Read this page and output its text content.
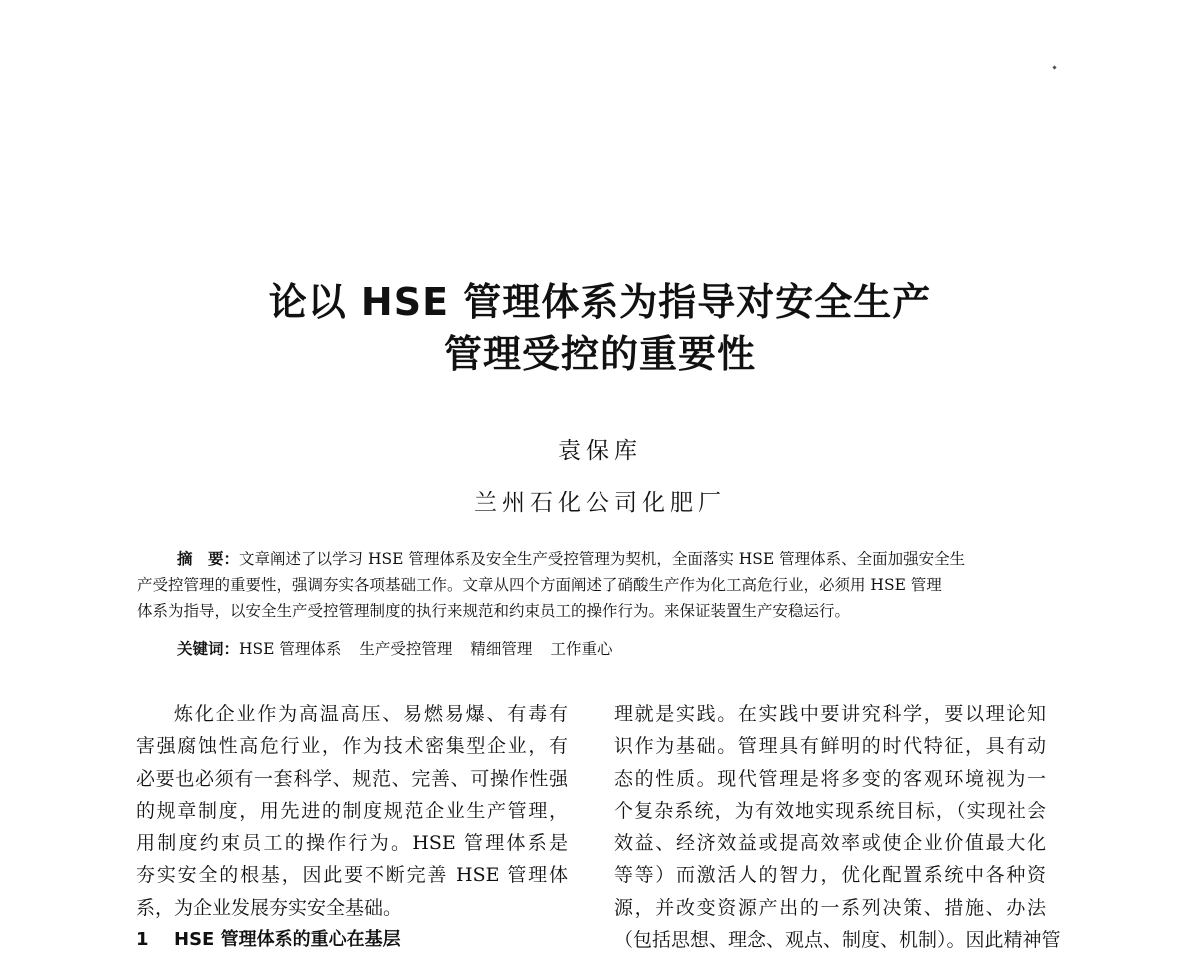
论以 HSE 管理体系为指导对安全生产
管理受控的重要性
袁保库
兰州石化公司化肥厂
摘　要：文章阐述了以学习 HSE 管理体系及安全生产受控管理为契机，全面落实 HSE 管理体系、全面加强安全生
产受控管理的重要性，强调夯实各项基础工作。文章从四个方面阐述了硝酸生产作为化工高危行业，必须用 HSE 管理
体系为指导，以安全生产受控管理制度的执行来规范和约束员工的操作行为。来保证装置生产安稳运行。
关键词：HSE 管理体系 生产受控管理 精细管理 工作重心
炼化企业作为高温高压、易燃易爆、有毒有
害强腐蚀性高危行业，作为技术密集型企业，有
必要也必须有一套科学、规范、完善、可操作性强
的规章制度，用先进的制度规范企业生产管理，
用制度约束员工的操作行为。HSE 管理体系是
夯实安全的根基，因此要不断完善 HSE 管理体
系，为企业发展夯实安全基础。
1 HSE 管理体系的重心在基层
理就是实践。在实践中要讲究科学，要以理论知
识作为基础。管理具有鲜明的时代特征，具有动
态的性质。现代管理是将多变的客观环境视为一
个复杂系统，为有效地实现系统目标，（实现社会
效益、经济效益或提高效率或使企业价值最大化
等等）而激活人的智力，优化配置系统中各种资
源，并改变资源产出的一系列决策、措施、办法
（包括思想、理念、观点、制度、机制）。因此精神管
